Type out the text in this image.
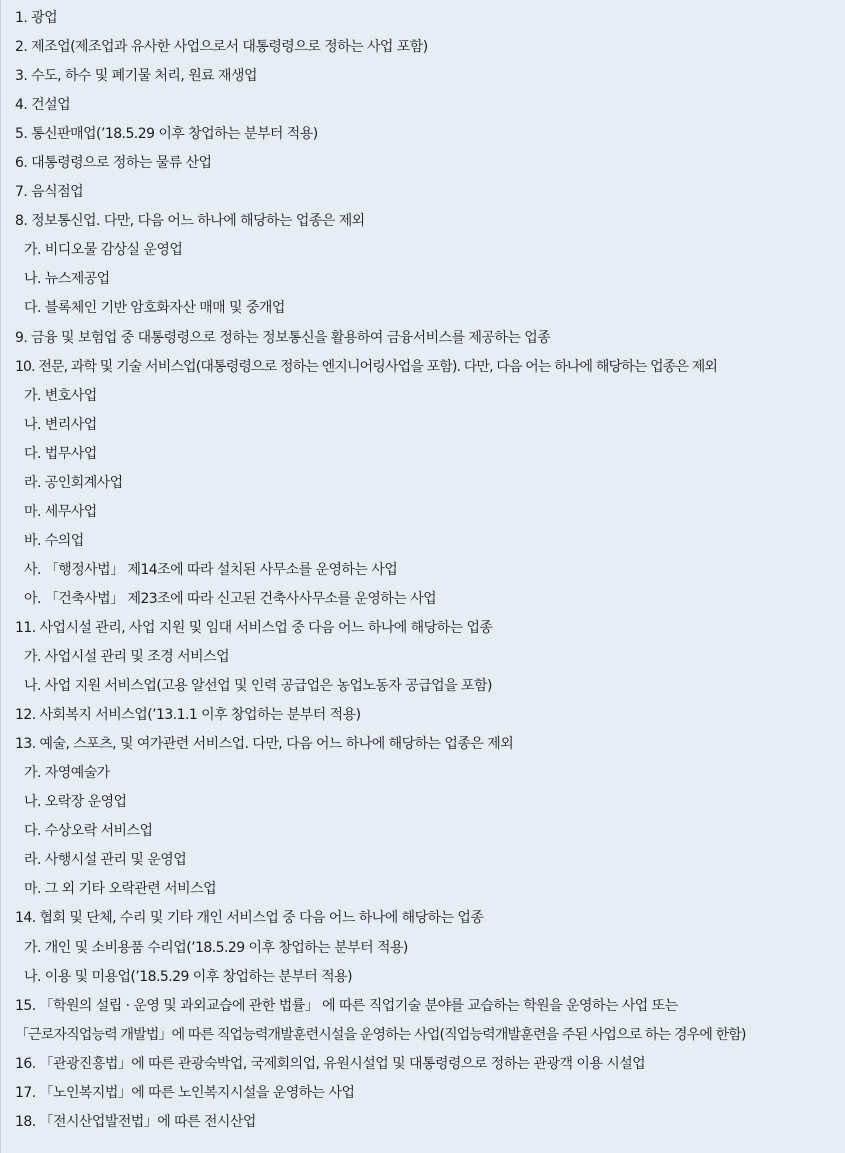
1. 광업
2. 제조업(제조업과 유사한 사업으로서 대통령령으로 정하는 사업 포함)
3. 수도, 하수 및 폐기물 처리, 원료 재생업
4. 건설업
5. 통신판매업(’18.5.29 이후 창업하는 분부터 적용)
6. 대통령령으로 정하는 물류 산업
7. 음식점업
8. 정보통신업. 다만, 다음 어느 하나에 해당하는 업종은 제외
가. 비디오물 감상실 운영업
나. 뉴스제공업
다. 블록체인 기반 암호화자산 매매 및 중개업
9. 금융 및 보험업 중 대통령령으로 정하는 정보통신을 활용하여 금융서비스를 제공하는 업종
10. 전문, 과학 및 기술 서비스업(대통령령으로 정하는 엔지니어링사업을 포함). 다만, 다음 어는 하나에 해당하는 업종은 제외
가. 변호사업
나. 변리사업
다. 법무사업
라. 공인회계사업
마. 세무사업
바. 수의업
사. 「행정사법」 제14조에 따라 설치된 사무소를 운영하는 사업
아. 「건축사법」 제23조에 따라 신고된 건축사사무소를 운영하는 사업
11. 사업시설 관리, 사업 지원 및 임대 서비스업 중 다음 어느 하나에 해당하는 업종
가. 사업시설 관리 및 조경 서비스업
나. 사업 지원 서비스업(고용 알선업 및 인력 공급업은 농업노동자 공급업을 포함)
12. 사회복지 서비스업(’13.1.1 이후 창업하는 분부터 적용)
13. 예술, 스포츠, 및 여가관련 서비스업. 다만, 다음 어느 하나에 해당하는 업종은 제외
가. 자영예술가
나. 오락장 운영업
다. 수상오락 서비스업
라. 사행시설 관리 및 운영업
마. 그 외 기타 오락관련 서비스업
14. 협회 및 단체, 수리 및 기타 개인 서비스업 중 다음 어느 하나에 해당하는 업종
가. 개인 및 소비용품 수리업(’18.5.29 이후 창업하는 분부터 적용)
나. 이용 및 미용업(’18.5.29 이후 창업하는 분부터 적용)
15. 「학원의 설립 · 운영 및 과외교습에 관한 법률」 에 따른 직업기술 분야를 교습하는 학원을 운영하는 사업 또는
「근로자직업능력 개발법」에 따른 직업능력개발훈련시설을 운영하는 사업(직업능력개발훈련을 주된 사업으로 하는 경우에 한함)
16. 「관광진흥법」에 따른 관광숙박업, 국제회의업, 유원시설업 및 대통령령으로 정하는 관광객 이용 시설업
17. 「노인복지법」에 따른 노인복지시설을 운영하는 사업
18. 「전시산업발전법」에 따른 전시산업
